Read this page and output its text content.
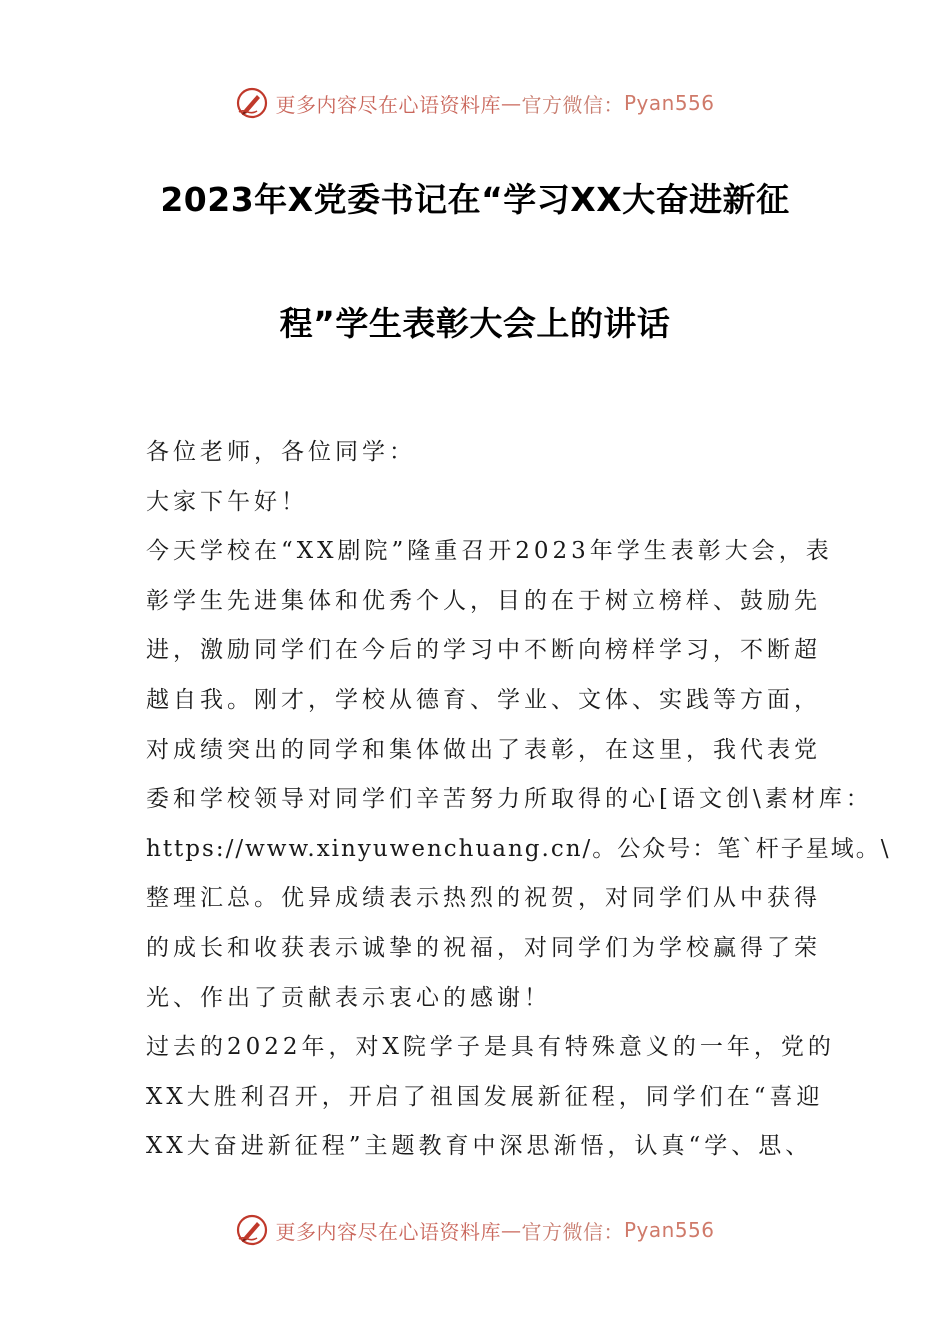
更多内容尽在心语资料库 — 官方微信： Pyan556
2023年X党委书记在“学习XX大奋进新征
程”学生表彰大会上的讲话
各位老师，各位同学：
大家下午好！
今天学校在“XX剧院”隆重召开2023年学生表彰大会，表
彰学生先进集体和优秀个人，目的在于树立榜样、鼓励先
进，激励同学们在今后的学习中不断向榜样学习，不断超
越自我。刚才，学校从德育、学业、文体、实践等方面，
对成绩突出的同学和集体做出了表彰，在这里，我代表党
委和学校领导对同学们辛苦努力所取得的心[语文创\素材库：
https://www.xinyuwenchuang.cn/。公众号：笔`杆子星域。\
整理汇总。优异成绩表示热烈的祝贺，对同学们从中获得
的成长和收获表示诚挚的祝福，对同学们为学校赢得了荣
光、作出了贡献表示衷心的感谢！
过去的2022年，对X院学子是具有特殊意义的一年，党的
XX大胜利召开，开启了祖国发展新征程，同学们在“喜迎
XX大奋进新征程”主题教育中深思渐悟，认真“学、思、
更多内容尽在心语资料库 — 官方微信： Pyan556
